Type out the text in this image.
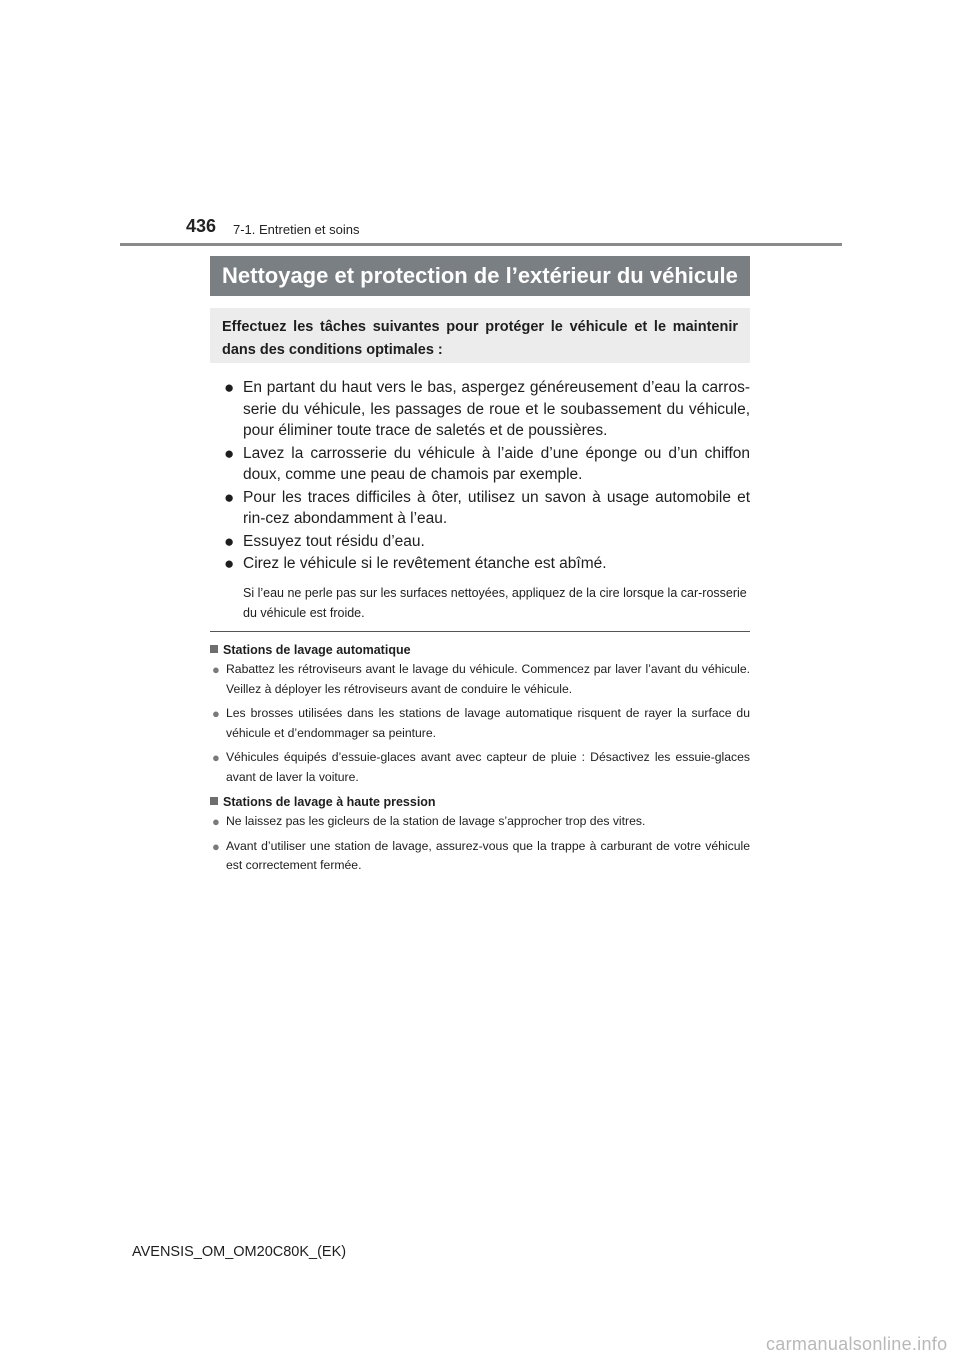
436 7-1. Entretien et soins
Nettoyage et protection de l’extérieur du véhicule
Effectuez les tâches suivantes pour protéger le véhicule et le maintenir dans des conditions optimales :
● En partant du haut vers le bas, aspergez généreusement d’eau la carros-serie du véhicule, les passages de roue et le soubassement du véhicule, pour éliminer toute trace de saletés et de poussières.
● Lavez la carrosserie du véhicule à l’aide d’une éponge ou d’un chiffon doux, comme une peau de chamois par exemple.
● Pour les traces difficiles à ôter, utilisez un savon à usage automobile et rin-cez abondamment à l’eau.
● Essuyez tout résidu d’eau.
● Cirez le véhicule si le revêtement étanche est abîmé.
Si l’eau ne perle pas sur les surfaces nettoyées, appliquez de la cire lorsque la car-rosserie du véhicule est froide.

Stations de lavage automatique

● Rabattez les rétroviseurs avant le lavage du véhicule. Commencez par laver l’avant du véhicule. Veillez à déployer les rétroviseurs avant de conduire le véhicule.

● Les brosses utilisées dans les stations de lavage automatique risquent de rayer la surface du véhicule et d’endommager sa peinture.

● Véhicules équipés d’essuie-glaces avant avec capteur de pluie : Désactivez les essuie-glaces avant de laver la voiture.

Stations de lavage à haute pression

● Ne laissez pas les gicleurs de la station de lavage s’approcher trop des vitres.

● Avant d’utiliser une station de lavage, assurez-vous que la trappe à carburant de votre véhicule est correctement fermée.

AVENSIS_OM_OM20C80K_(EK)
carmanualsonline.info
